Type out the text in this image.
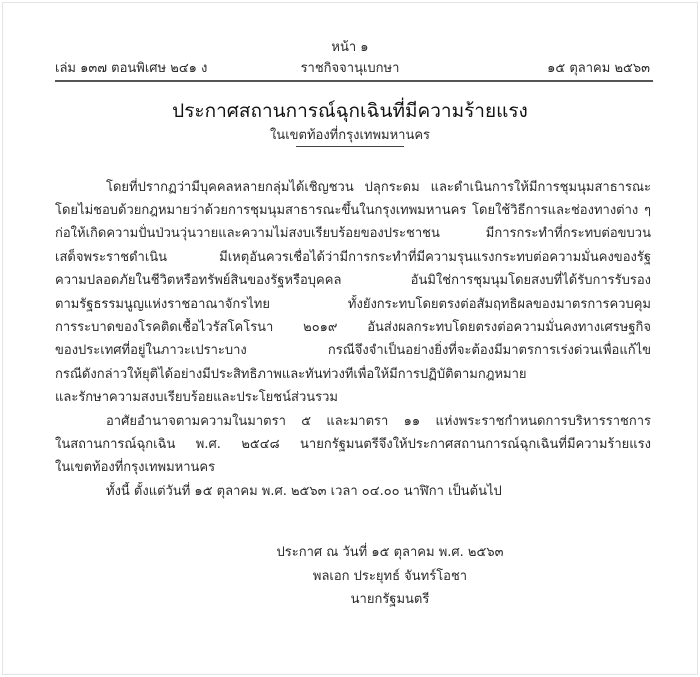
หน้า ๑
เล่ม ๑๓๗ ตอนพิเศษ ๒๔๑ ง	ราชกิจจานุเบกษา	๑๕ ตุลาคม ๒๕๖๓
ประกาศสถานการณ์ฉุกเฉินที่มีความร้ายแรง
ในเขตท้องที่กรุงเทพมหานคร
โดยที่ปรากฏว่ามีบุคคลหลายกลุ่มได้เชิญชวน ปลุกระดม และดำเนินการให้มีการชุมนุมสาธารณะ
โดยไม่ชอบด้วยกฎหมายว่าด้วยการชุมนุมสาธารณะขึ้นในกรุงเทพมหานคร โดยใช้วิธีการและช่องทางต่าง ๆ
ก่อให้เกิดความปั่นป่วนวุ่นวายและความไม่สงบเรียบร้อยของประชาชน มีการกระทำที่กระทบต่อขบวน
เสด็จพระราชดำเนิน มีเหตุอันควรเชื่อได้ว่ามีการกระทำที่มีความรุนแรงกระทบต่อความมั่นคงของรัฐ
ความปลอดภัยในชีวิตหรือทรัพย์สินของรัฐหรือบุคคล อันมิใช่การชุมนุมโดยสงบที่ได้รับการรับรอง
ตามรัฐธรรมนูญแห่งราชอาณาจักรไทย ทั้งยังกระทบโดยตรงต่อสัมฤทธิผลของมาตรการควบคุม
การระบาดของโรคติดเชื้อไวรัสโคโรนา ๒๐๑๙ อันส่งผลกระทบโดยตรงต่อความมั่นคงทางเศรษฐกิจ
ของประเทศที่อยู่ในภาวะเปราะบาง กรณีจึงจำเป็นอย่างยิ่งที่จะต้องมีมาตรการเร่งด่วนเพื่อแก้ไข
กรณีดังกล่าวให้ยุติได้อย่างมีประสิทธิภาพและทันท่วงทีเพื่อให้มีการปฏิบัติตามกฎหมาย
และรักษาความสงบเรียบร้อยและประโยชน์ส่วนรวม
อาศัยอำนาจตามความในมาตรา ๕ และมาตรา ๑๑ แห่งพระราชกำหนดการบริหารราชการ
ในสถานการณ์ฉุกเฉิน พ.ศ. ๒๕๔๘ นายกรัฐมนตรีจึงให้ประกาศสถานการณ์ฉุกเฉินที่มีความร้ายแรง
ในเขตท้องที่กรุงเทพมหานคร
ทั้งนี้ ตั้งแต่วันที่ ๑๕ ตุลาคม พ.ศ. ๒๕๖๓ เวลา ๐๔.๐๐ นาฬิกา เป็นต้นไป
ประกาศ ณ วันที่ ๑๕ ตุลาคม พ.ศ. ๒๕๖๓
พลเอก ประยุทธ์ จันทร์โอชา
นายกรัฐมนตรี
